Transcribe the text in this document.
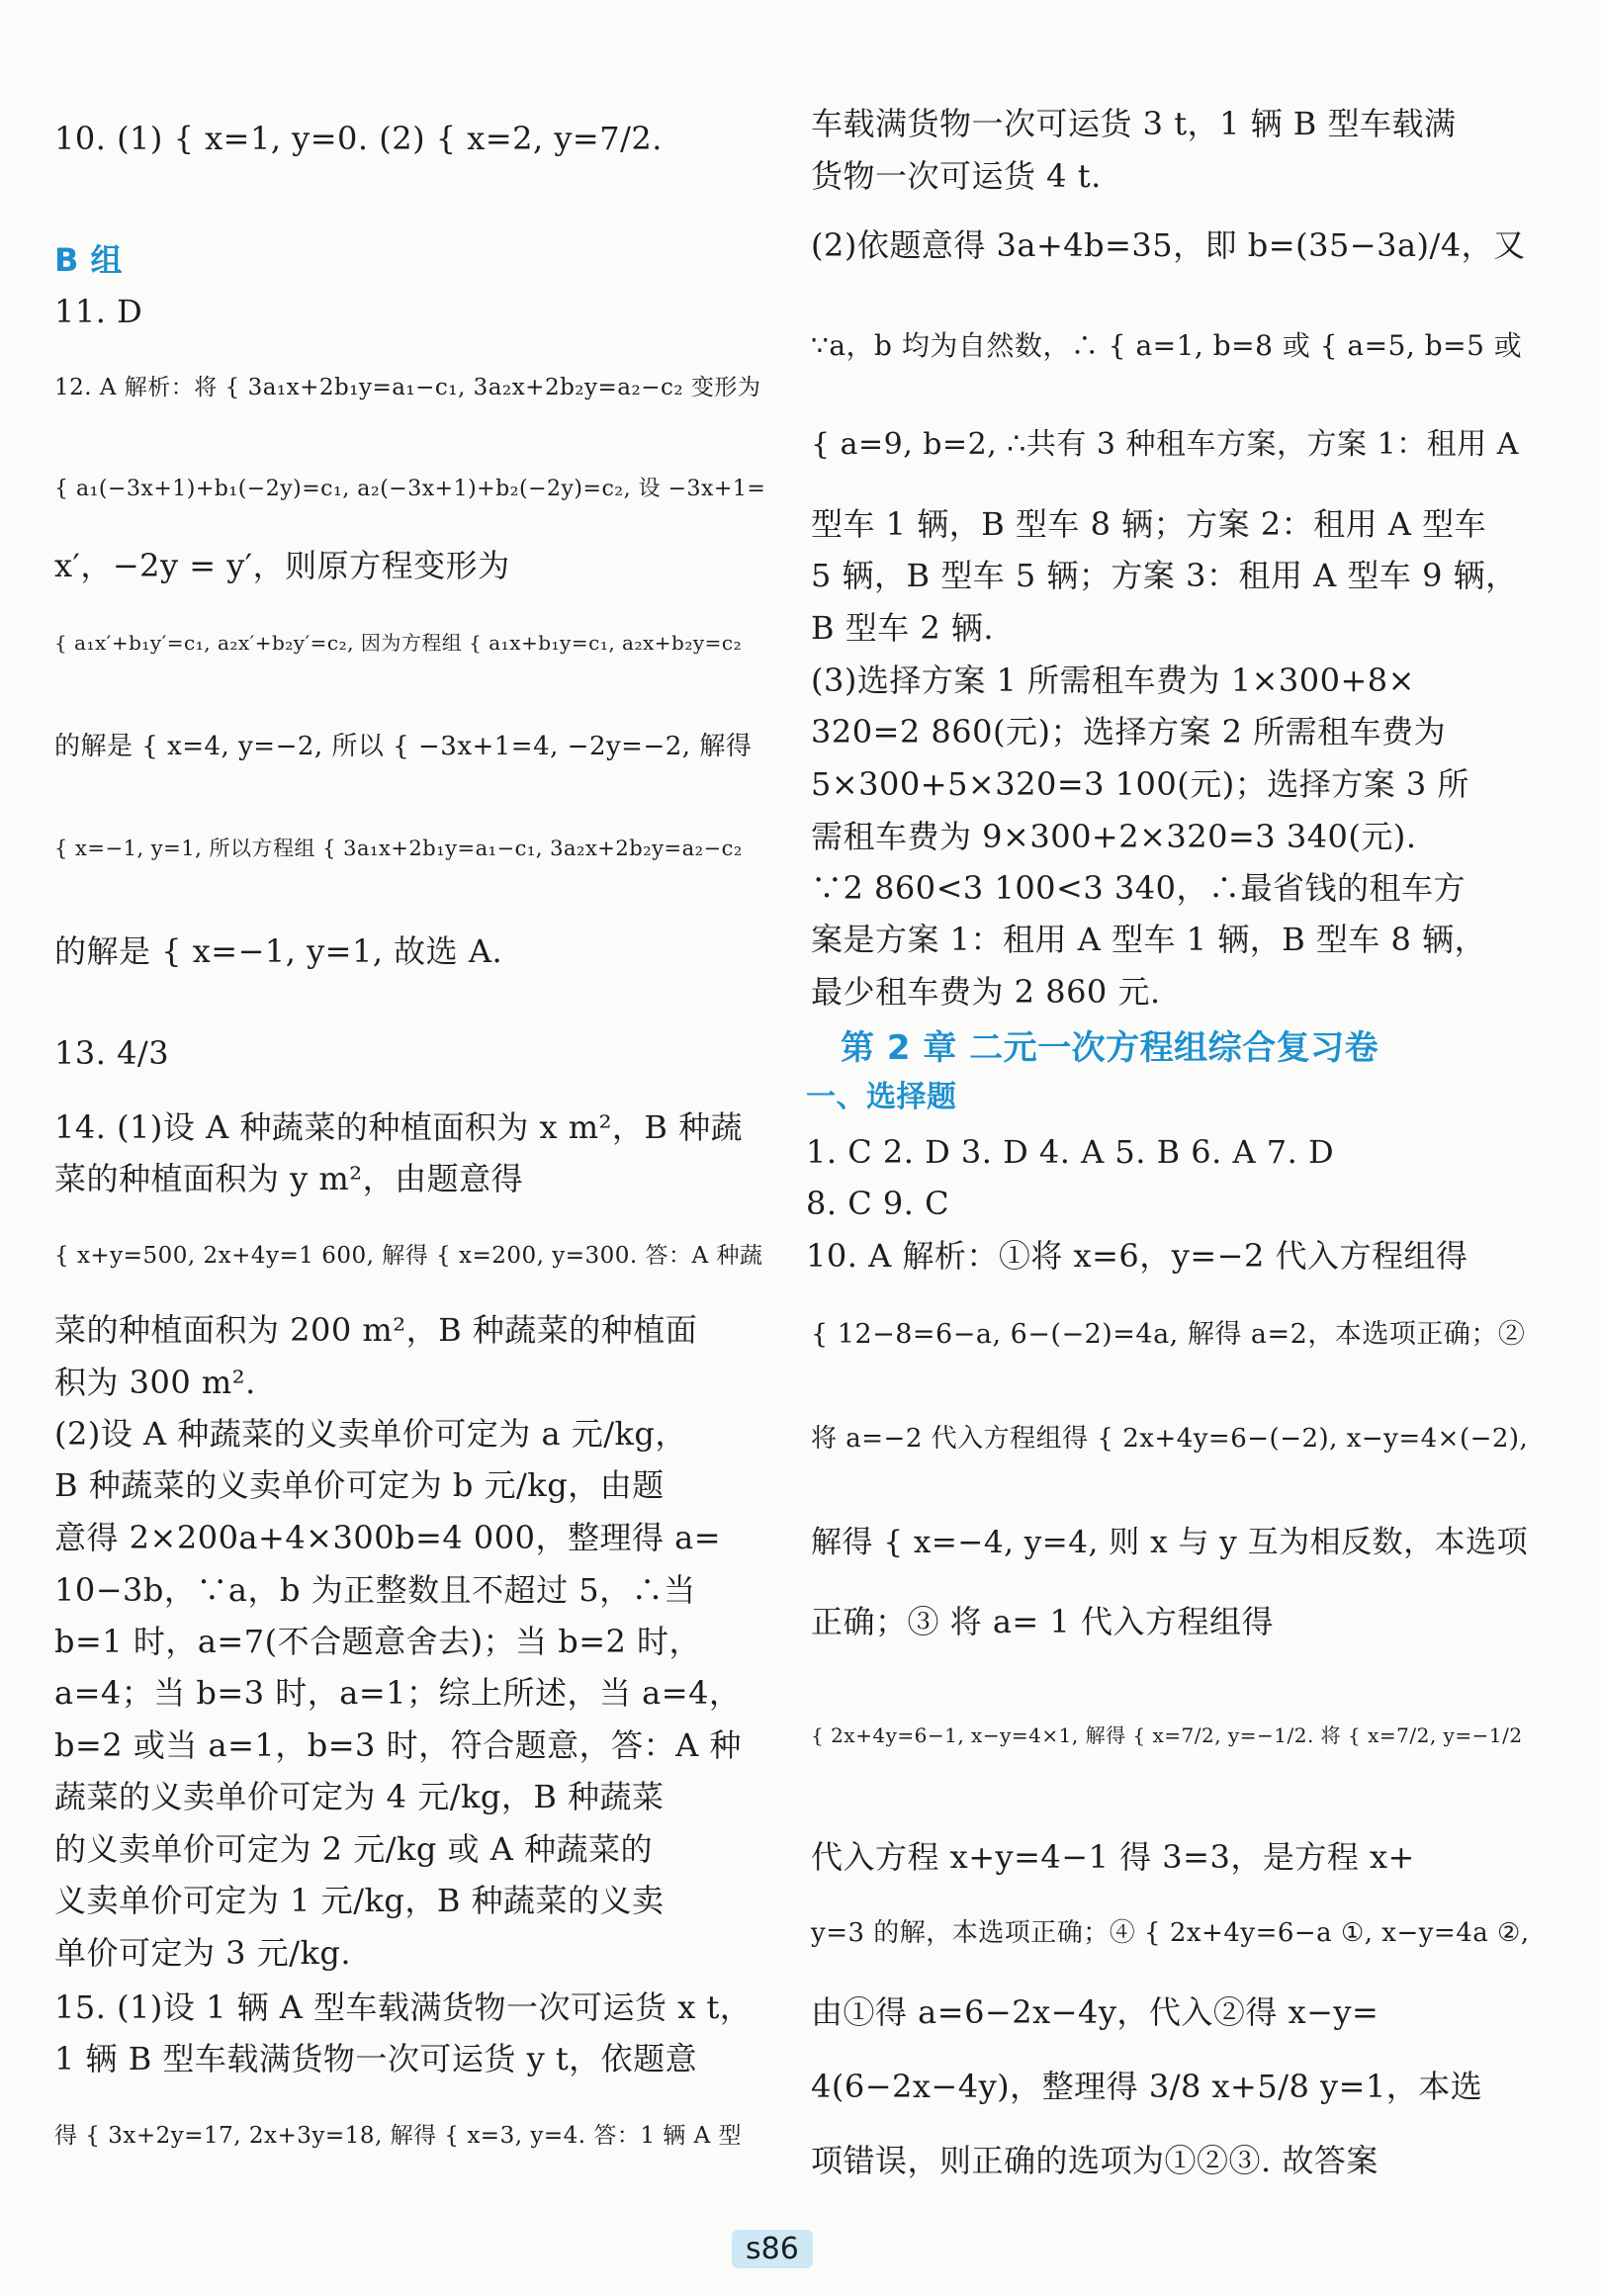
10. (1) { x=1, y=0. (2) { x=2, y=7/2.
B 组
11. D
12. A 解析：将 { 3a₁x+2b₁y=a₁−c₁, 3a₂x+2b₂y=a₂−c₂ 变形为
{ a₁(−3x+1)+b₁(−2y)=c₁, a₂(−3x+1)+b₂(−2y)=c₂, 设 −3x+1=
x′，−2y = y′，则原方程变形为
{ a₁x′+b₁y′=c₁, a₂x′+b₂y′=c₂, 因为方程组 { a₁x+b₁y=c₁, a₂x+b₂y=c₂
的解是 { x=4, y=−2, 所以 { −3x+1=4, −2y=−2, 解得
{ x=−1, y=1, 所以方程组 { 3a₁x+2b₁y=a₁−c₁, 3a₂x+2b₂y=a₂−c₂
的解是 { x=−1, y=1, 故选 A.
13. 4/3
14. (1)设 A 种蔬菜的种植面积为 x m²，B 种蔬
菜的种植面积为 y m²，由题意得
{ x+y=500, 2x+4y=1 600, 解得 { x=200, y=300. 答：A 种蔬
菜的种植面积为 200 m²，B 种蔬菜的种植面
积为 300 m².
(2)设 A 种蔬菜的义卖单价可定为 a 元/kg，
B 种蔬菜的义卖单价可定为 b 元/kg，由题
意得 2×200a+4×300b=4 000，整理得 a=
10−3b，∵a，b 为正整数且不超过 5，∴当
b=1 时，a=7(不合题意舍去)；当 b=2 时，
a=4；当 b=3 时，a=1；综上所述，当 a=4，
b=2 或当 a=1，b=3 时，符合题意，答：A 种
蔬菜的义卖单价可定为 4 元/kg，B 种蔬菜
的义卖单价可定为 2 元/kg 或 A 种蔬菜的
义卖单价可定为 1 元/kg，B 种蔬菜的义卖
单价可定为 3 元/kg.
15. (1)设 1 辆 A 型车载满货物一次可运货 x t，
1 辆 B 型车载满货物一次可运货 y t，依题意
得 { 3x+2y=17, 2x+3y=18, 解得 { x=3, y=4. 答：1 辆 A 型
车载满货物一次可运货 3 t，1 辆 B 型车载满
货物一次可运货 4 t.
(2)依题意得 3a+4b=35，即 b=(35−3a)/4，又
∵a，b 均为自然数，∴ { a=1, b=8 或 { a=5, b=5 或
{ a=9, b=2, ∴共有 3 种租车方案，方案 1：租用 A
型车 1 辆，B 型车 8 辆；方案 2：租用 A 型车
5 辆，B 型车 5 辆；方案 3：租用 A 型车 9 辆，
B 型车 2 辆.
(3)选择方案 1 所需租车费为 1×300+8×
320=2 860(元)；选择方案 2 所需租车费为
5×300+5×320=3 100(元)；选择方案 3 所
需租车费为 9×300+2×320=3 340(元).
∵2 860<3 100<3 340，∴最省钱的租车方
案是方案 1：租用 A 型车 1 辆，B 型车 8 辆，
最少租车费为 2 860 元.
第 2 章 二元一次方程组综合复习卷
一、选择题
1. C 2. D 3. D 4. A 5. B 6. A 7. D
8. C 9. C
10. A 解析：①将 x=6，y=−2 代入方程组得
{ 12−8=6−a, 6−(−2)=4a, 解得 a=2，本选项正确；②
将 a=−2 代入方程组得 { 2x+4y=6−(−2), x−y=4×(−2),
解得 { x=−4, y=4, 则 x 与 y 互为相反数，本选项
正确；③ 将 a= 1 代入方程组得
{ 2x+4y=6−1, x−y=4×1, 解得 { x=7/2, y=−1/2. 将 { x=7/2, y=−1/2
代入方程 x+y=4−1 得 3=3，是方程 x+
y=3 的解，本选项正确；④ { 2x+4y=6−a ①, x−y=4a ②,
由①得 a=6−2x−4y，代入②得 x−y=
4(6−2x−4y)，整理得 3/8 x+5/8 y=1，本选
项错误，则正确的选项为①②③. 故答案
s86
